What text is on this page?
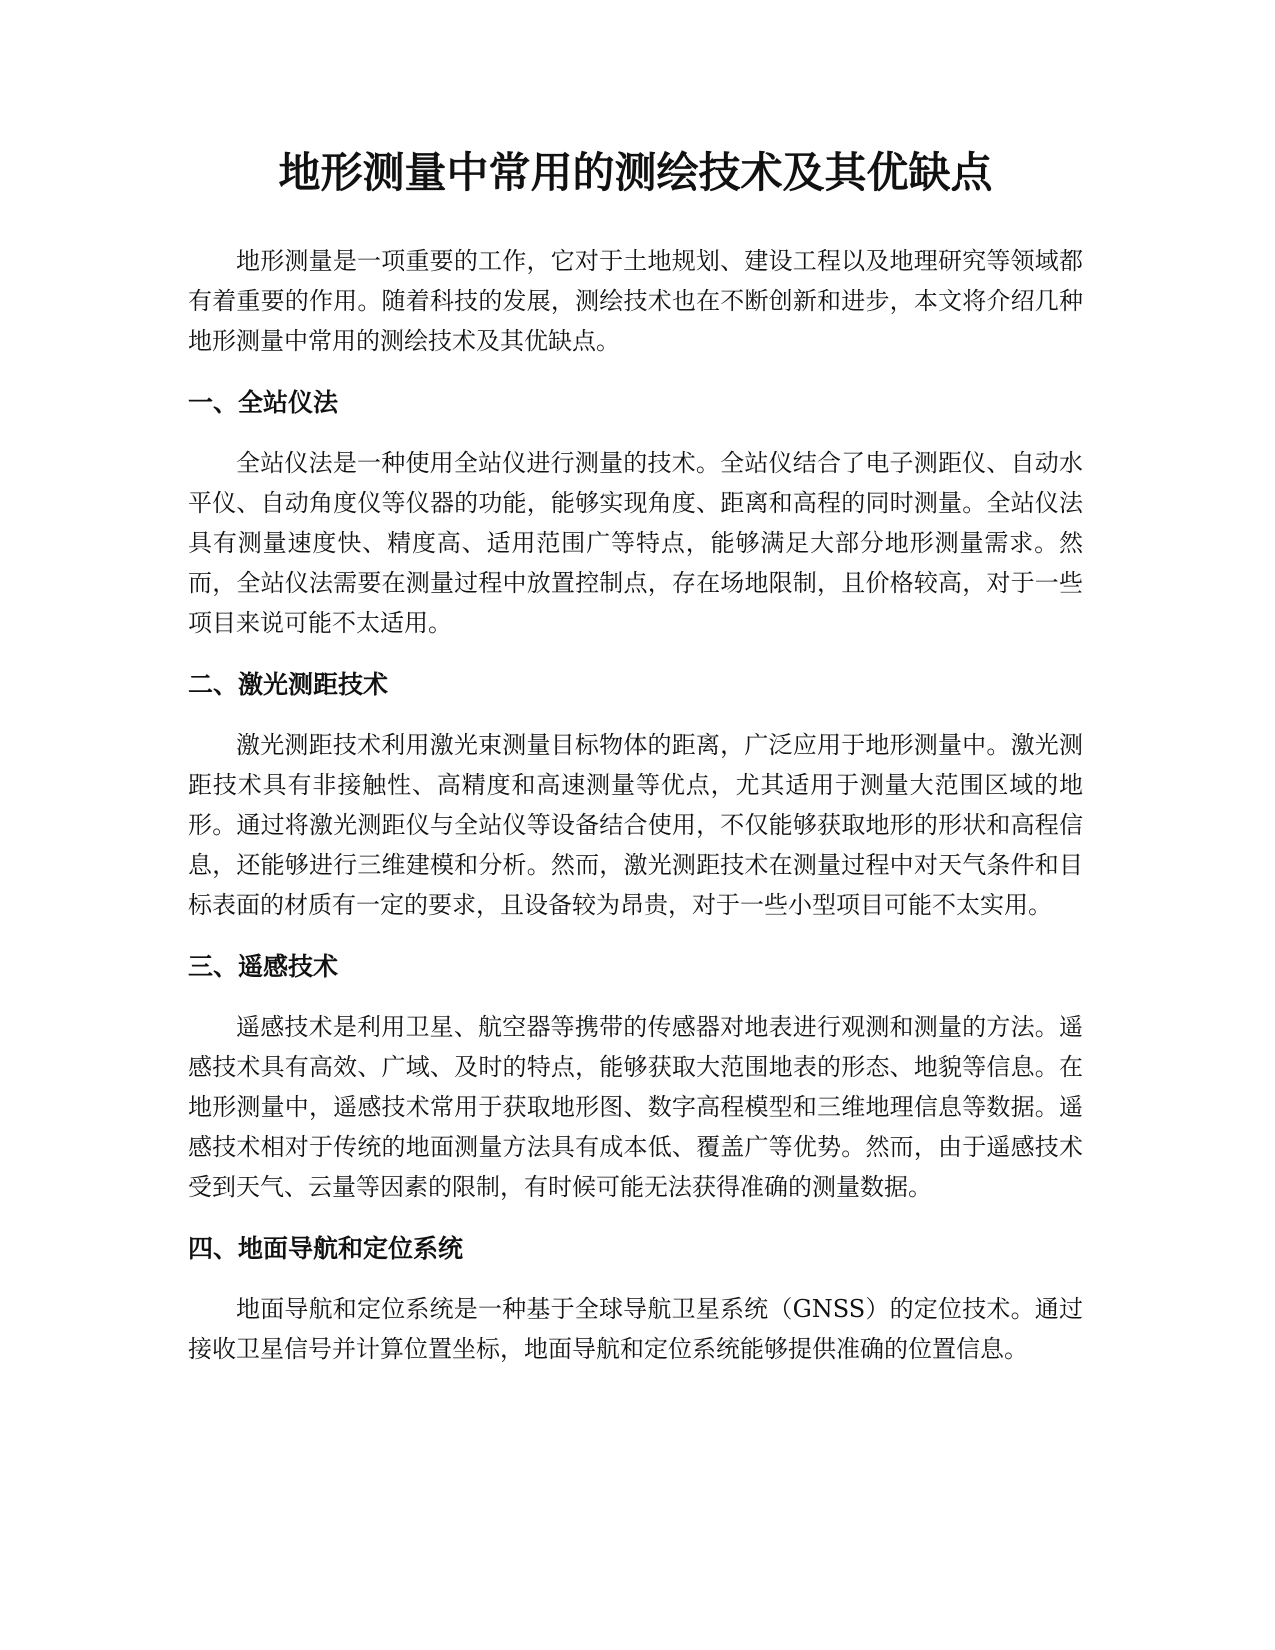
地形测量中常用的测绘技术及其优缺点

地形测量是一项重要的工作，它对于土地规划、建设工程以及地理研究等领域都有着重要的作用。随着科技的发展，测绘技术也在不断创新和进步，本文将介绍几种地形测量中常用的测绘技术及其优缺点。

一、全站仪法

全站仪法是一种使用全站仪进行测量的技术。全站仪结合了电子测距仪、自动水平仪、自动角度仪等仪器的功能，能够实现角度、距离和高程的同时测量。全站仪法具有测量速度快、精度高、适用范围广等特点，能够满足大部分地形测量需求。然而，全站仪法需要在测量过程中放置控制点，存在场地限制，且价格较高，对于一些项目来说可能不太适用。

二、激光测距技术

激光测距技术利用激光束测量目标物体的距离，广泛应用于地形测量中。激光测距技术具有非接触性、高精度和高速测量等优点，尤其适用于测量大范围区域的地形。通过将激光测距仪与全站仪等设备结合使用，不仅能够获取地形的形状和高程信息，还能够进行三维建模和分析。然而，激光测距技术在测量过程中对天气条件和目标表面的材质有一定的要求，且设备较为昂贵，对于一些小型项目可能不太实用。

三、遥感技术

遥感技术是利用卫星、航空器等携带的传感器对地表进行观测和测量的方法。遥感技术具有高效、广域、及时的特点，能够获取大范围地表的形态、地貌等信息。在地形测量中，遥感技术常用于获取地形图、数字高程模型和三维地理信息等数据。遥感技术相对于传统的地面测量方法具有成本低、覆盖广等优势。然而，由于遥感技术受到天气、云量等因素的限制，有时候可能无法获得准确的测量数据。

四、地面导航和定位系统

地面导航和定位系统是一种基于全球导航卫星系统（GNSS）的定位技术。通过接收卫星信号并计算位置坐标，地面导航和定位系统能够提供准确的位置信息。
